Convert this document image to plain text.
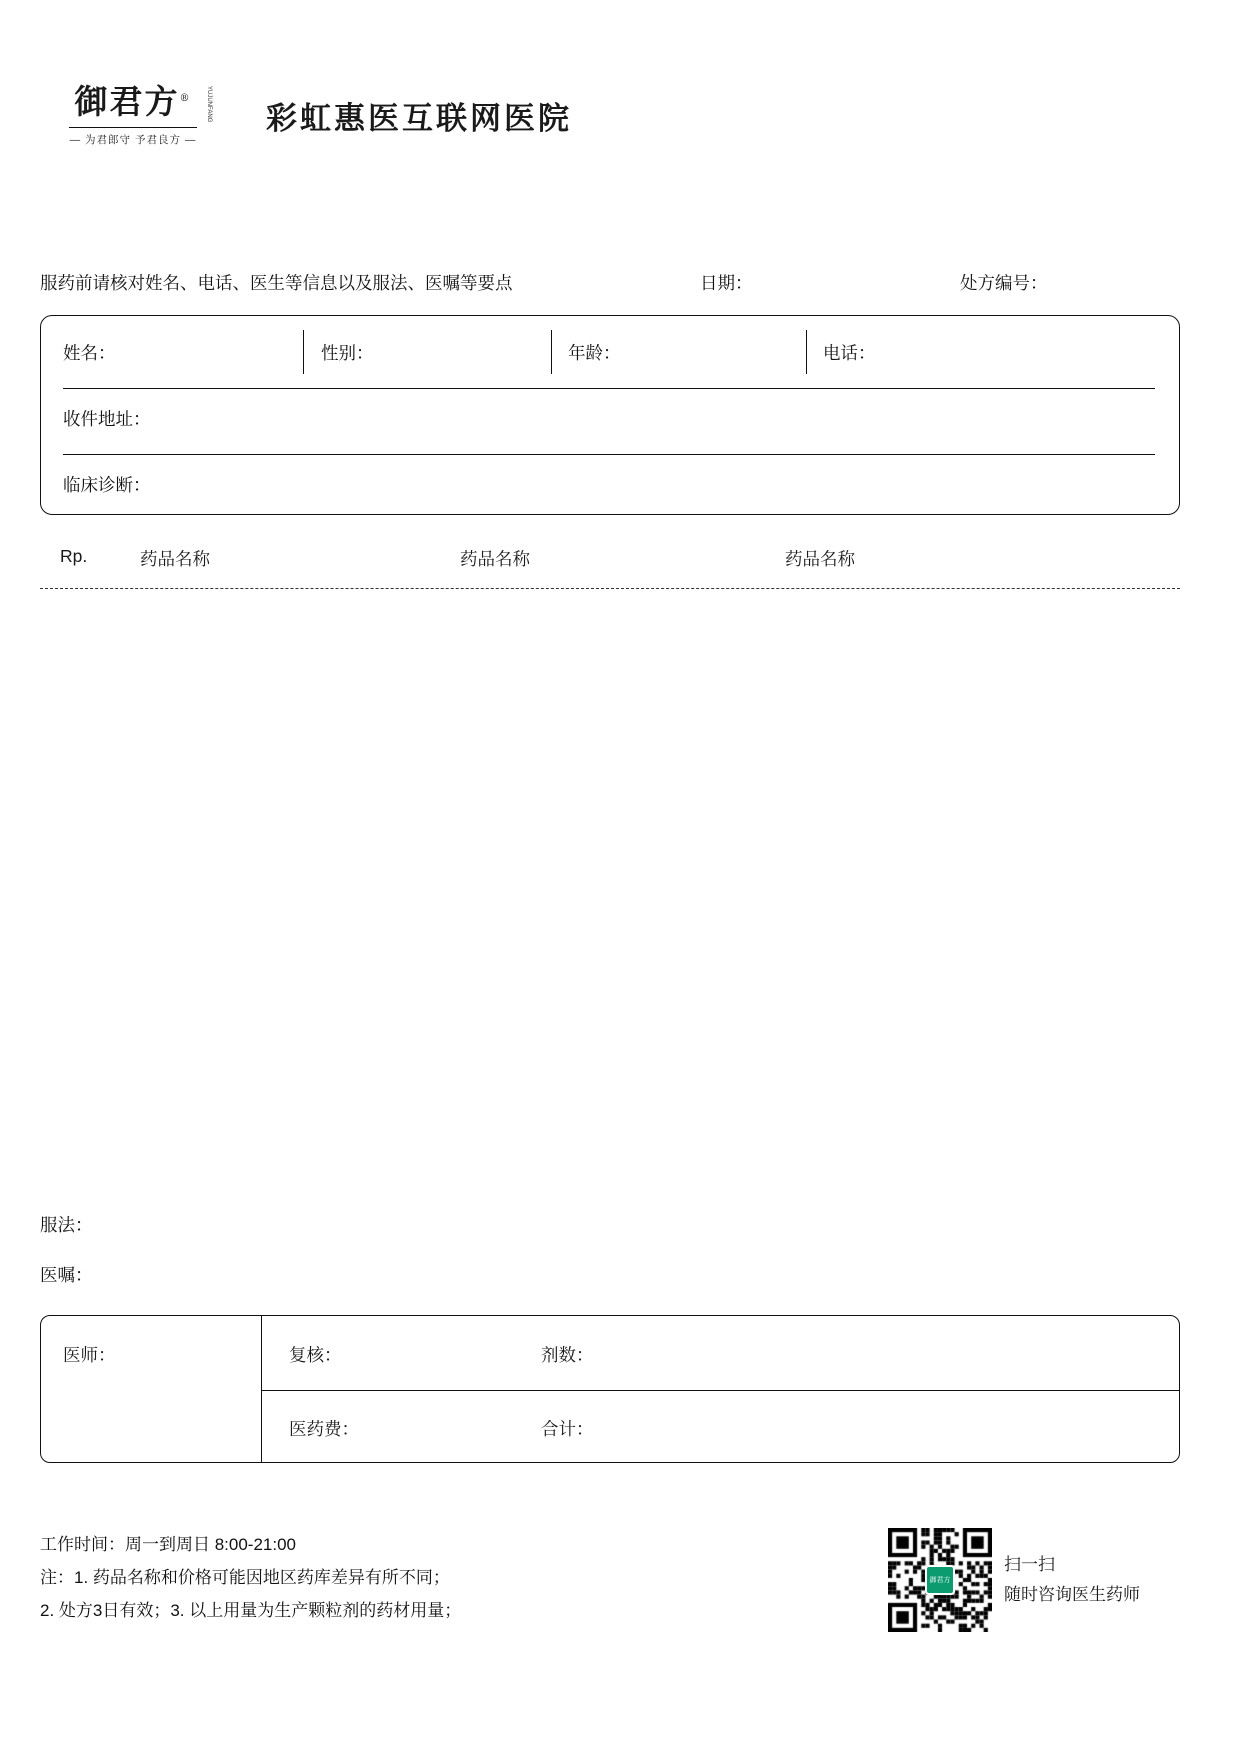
御君方®	YUJUNFANG
— 为君郎守 予君良方 —
彩虹惠医互联网医院
服药前请核对姓名、电话、医生等信息以及服法、医嘱等要点	日期：	处方编号：
姓名：	性别：	年龄：	电话：
收件地址：
临床诊断：
Rp.	药品名称	药品名称	药品名称
服法：
医嘱：
医师：	复核：	剂数：
医药费：	合计：
工作时间：周一到周日 8:00-21:00
注：1. 药品名称和价格可能因地区药库差异有所不同；
2. 处方3日有效；3. 以上用量为生产颗粒剂的药材用量；
御君方
扫一扫
随时咨询医生药师
